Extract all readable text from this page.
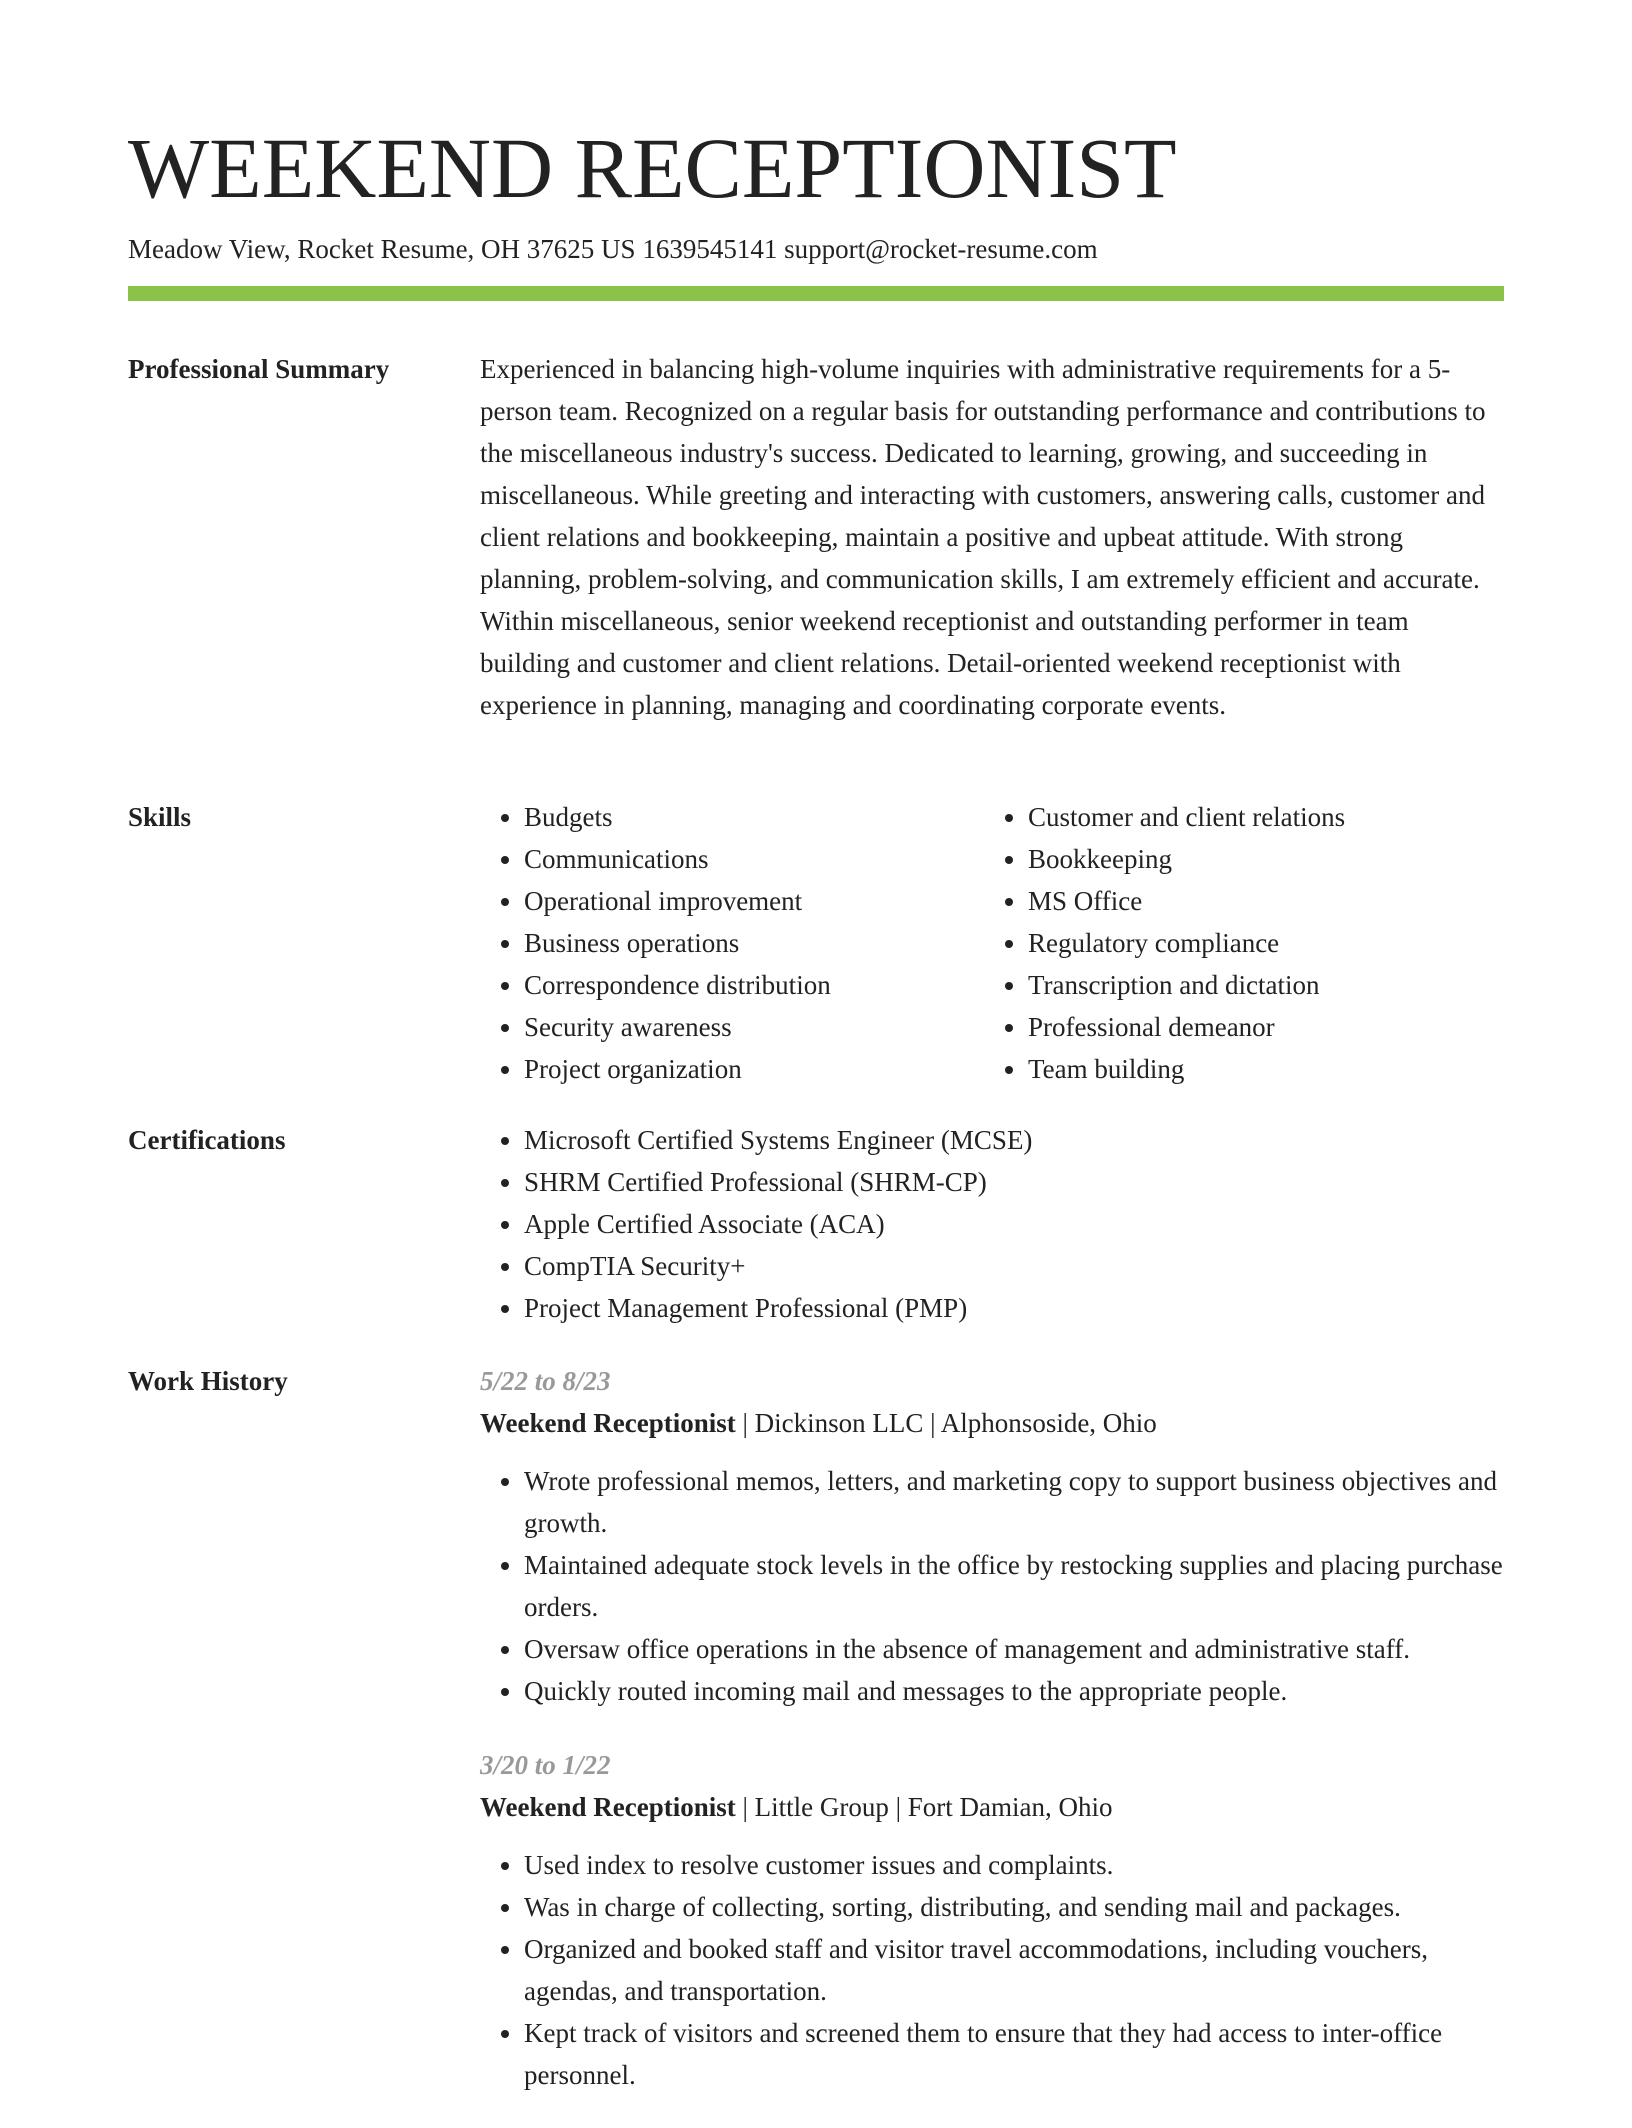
WEEKEND RECEPTIONIST
Meadow View, Rocket Resume, OH 37625 US 1639545141 support@rocket-resume.com
Professional Summary	Experienced in balancing high-volume inquiries with administrative requirements for a 5-person team. Recognized on a regular basis for outstanding performance and contributions to the miscellaneous industry's success. Dedicated to learning, growing, and succeeding in miscellaneous. While greeting and interacting with customers, answering calls, customer and client relations and bookkeeping, maintain a positive and upbeat attitude. With strong planning, problem-solving, and communication skills, I am extremely efficient and accurate. Within miscellaneous, senior weekend receptionist and outstanding performer in team building and customer and client relations. Detail-oriented weekend receptionist with experience in planning, managing and coordinating corporate events.

Skills	• Budgets
• Communications
• Operational improvement
• Business operations
• Correspondence distribution
• Security awareness
• Project organization
• Customer and client relations
• Bookkeeping
• MS Office
• Regulatory compliance
• Transcription and dictation
• Professional demeanor
• Team building
Certifications	• Microsoft Certified Systems Engineer (MCSE)
• SHRM Certified Professional (SHRM-CP)
• Apple Certified Associate (ACA)
• CompTIA Security+
• Project Management Professional (PMP)
Work History	5/22 to 8/23
Weekend Receptionist | Dickinson LLC | Alphonsoside, Ohio
• Wrote professional memos, letters, and marketing copy to support business objectives and growth.
• Maintained adequate stock levels in the office by restocking supplies and placing purchase orders.
• Oversaw office operations in the absence of management and administrative staff.
• Quickly routed incoming mail and messages to the appropriate people.
3/20 to 1/22
Weekend Receptionist | Little Group | Fort Damian, Ohio
• Used index to resolve customer issues and complaints.
• Was in charge of collecting, sorting, distributing, and sending mail and packages.
• Organized and booked staff and visitor travel accommodations, including vouchers, agendas, and transportation.
• Kept track of visitors and screened them to ensure that they had access to inter-office personnel.
